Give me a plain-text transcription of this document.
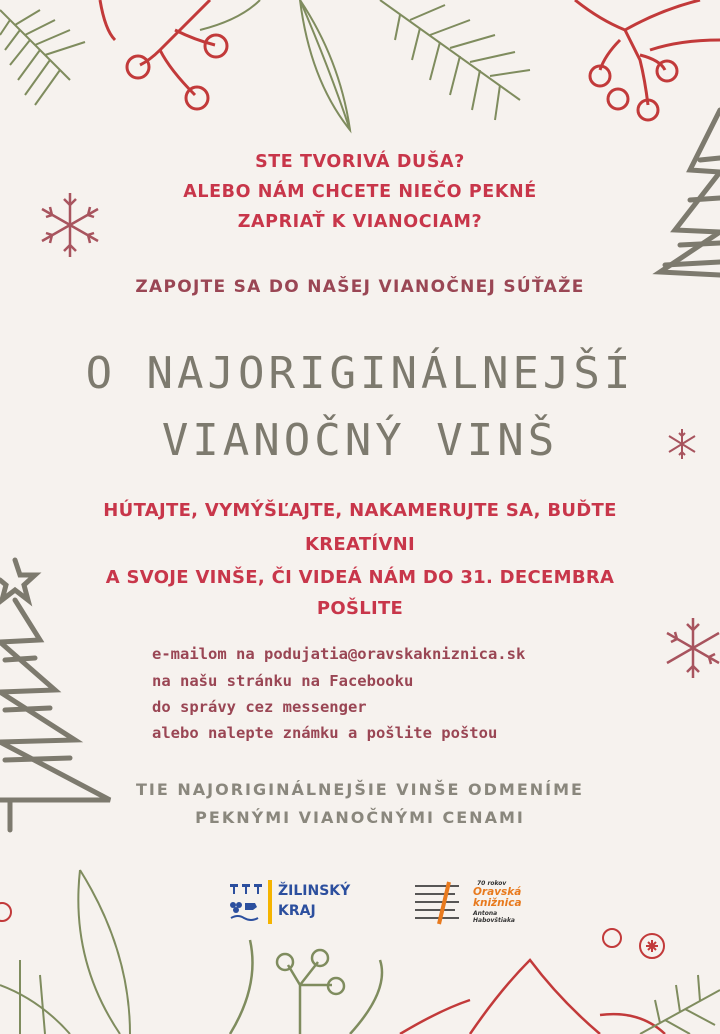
STE TVORIVÁ DUŠA?

ALEBO NÁM CHCETE NIEČO PEKNÉ

ZAPRIAŤ K VIANOCIAM?

ZAPOJTE SA DO NAŠEJ VIANOČNEJ SÚŤAŽE

O NAJORIGINÁLNEJŠÍ

VIANOČNÝ VINŠ

HÚTAJTE, VYMÝŠĽAJTE, NAKAMERUJTE SA, BUĎTE

KREATÍVNI

A SVOJE VINŠE, ČI VIDEÁ NÁM DO 31. DECEMBRA

POŠLITE

e-mailom na podujatia@oravskakniznica.sk

na našu stránku na Facebooku

do správy cez messenger

alebo nalepte známku a pošlite poštou

TIE NAJORIGINÁLNEJŠIE VINŠE ODMENÍME

PEKNÝMI VIANOČNÝMI CENAMI

ŽILINSKÝ
KRAJ
70 rokov
Oravská
knižnica
Antona
Habovštiaka
